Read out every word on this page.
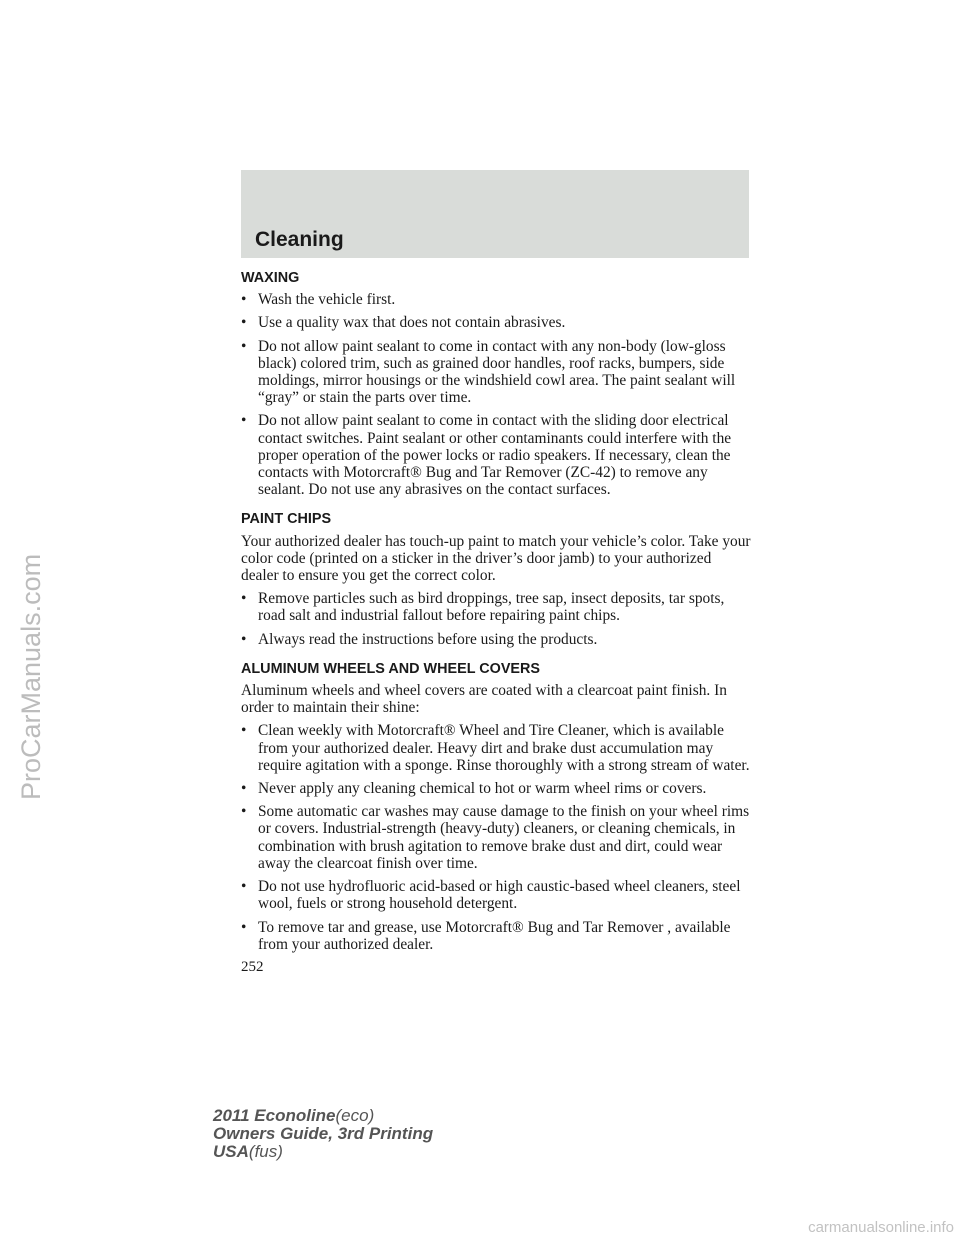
Cleaning
WAXING
• Wash the vehicle first.
• Use a quality wax that does not contain abrasives.
• Do not allow paint sealant to come in contact with any non-body (low-gloss black) colored trim, such as grained door handles, roof racks, bumpers, side moldings, mirror housings or the windshield cowl area. The paint sealant will “gray” or stain the parts over time.
• Do not allow paint sealant to come in contact with the sliding door electrical contact switches. Paint sealant or other contaminants could interfere with the proper operation of the power locks or radio speakers. If necessary, clean the contacts with Motorcraft® Bug and Tar Remover (ZC-42) to remove any sealant. Do not use any abrasives on the contact surfaces.
PAINT CHIPS

Your authorized dealer has touch-up paint to match your vehicle’s color. Take your color code (printed on a sticker in the driver’s door jamb) to your authorized dealer to ensure you get the correct color.

• Remove particles such as bird droppings, tree sap, insect deposits, tar spots, road salt and industrial fallout before repairing paint chips.
• Always read the instructions before using the products.
ALUMINUM WHEELS AND WHEEL COVERS

Aluminum wheels and wheel covers are coated with a clearcoat paint finish. In order to maintain their shine:

• Clean weekly with Motorcraft® Wheel and Tire Cleaner, which is available from your authorized dealer. Heavy dirt and brake dust accumulation may require agitation with a sponge. Rinse thoroughly with a strong stream of water.
• Never apply any cleaning chemical to hot or warm wheel rims or covers.
• Some automatic car washes may cause damage to the finish on your wheel rims or covers. Industrial-strength (heavy-duty) cleaners, or cleaning chemicals, in combination with brush agitation to remove brake dust and dirt, could wear away the clearcoat finish over time.
• Do not use hydrofluoric acid-based or high caustic-based wheel cleaners, steel wool, fuels or strong household detergent.
• To remove tar and grease, use Motorcraft® Bug and Tar Remover , available from your authorized dealer.
252
2011 Econoline(eco)
Owners Guide, 3rd Printing
USA(fus)
ProCarManuals.com
carmanualsonline.info
